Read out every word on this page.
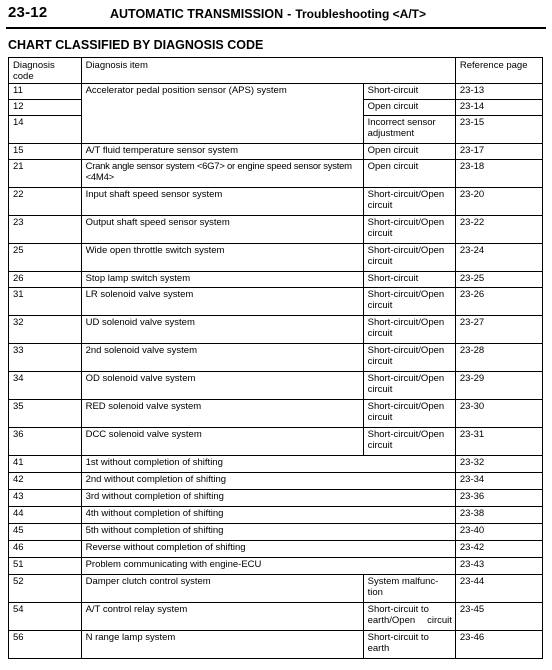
23-12	AUTOMATIC TRANSMISSION - Troubleshooting <A/T>
CHART CLASSIFIED BY DIAGNOSIS CODE
Diagnosis code	Diagnosis item		Reference page
11	Accelerator pedal position sensor (APS) system	Short-circuit	23-13
12		Open circuit	23-14
14		Incorrect sensor adjustment	23-15
15	A/T fluid temperature sensor system	Open circuit	23-17
21	Crank angle sensor system <6G7> or engine speed sensor system <4M4>	Open circuit	23-18
22	Input shaft speed sensor system	Short-circuit/Open circuit	23-20
23	Output shaft speed sensor system	Short-circuit/Open circuit	23-22
25	Wide open throttle switch system	Short-circuit/Open circuit	23-24
26	Stop lamp switch system	Short-circuit	23-25
31	LR solenoid valve system	Short-circuit/Open circuit	23-26
32	UD solenoid valve system	Short-circuit/Open circuit	23-27
33	2nd solenoid valve system	Short-circuit/Open circuit	23-28
34	OD solenoid valve system	Short-circuit/Open circuit	23-29
35	RED solenoid valve system	Short-circuit/Open circuit	23-30
36	DCC solenoid valve system	Short-circuit/Open circuit	23-31
41	1st without completion of shifting		23-32
42	2nd without completion of shifting		23-34
43	3rd without completion of shifting		23-36
44	4th without completion of shifting		23-38
45	5th without completion of shifting		23-40
46	Reverse without completion of shifting		23-42
51	Problem communicating with engine-ECU		23-43
52	Damper clutch control system	System malfunc-tion	23-44
54	A/T control relay system	Short-circuit to earth/Open circuit	23-45
56	N range lamp system	Short-circuit to earth	23-46
